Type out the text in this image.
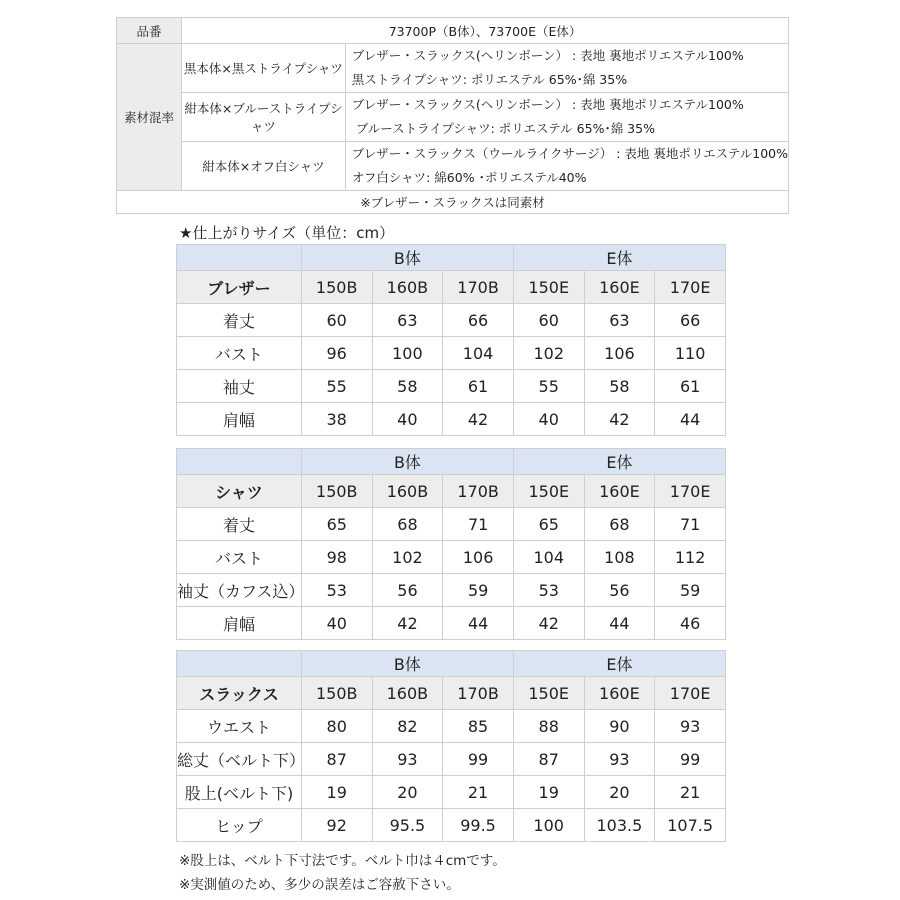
品番	73700P（B体）、73700E（E体）	
素材混率	黒本体×黒ストライプシャツ	ブレザー・スラックス(ヘリンボーン） : 表地 裏地ポリエステル100%
黒ストライプシャツ: ポリエステル 65%･綿 35%

	紺本体×ブルーストライプシャツ	ブレザー・スラックス(ヘリンボーン） : 表地 裏地ポリエステル100%
ブルーストライプシャツ: ポリエステル 65%･綿 35%

	紺本体×オフ白シャツ	ブレザー・スラックス（ウールライクサージ） : 表地 裏地ポリエステル100%
オフ白シャツ: 綿60% ･ポリエステル40%

※ブレザー・スラックスは同素材		
★仕上がりサイズ（単位：cm）
	B体			E体		
ブレザー	150B	160B	170B	150E	160E	170E
着丈	60	63	66	60	63	66
バスト	96	100	104	102	106	110
袖丈	55	58	61	55	58	61
肩幅	38	40	42	40	42	44
	B体			E体		
シャツ	150B	160B	170B	150E	160E	170E
着丈	65	68	71	65	68	71
バスト	98	102	106	104	108	112
袖丈（カフス込）	53	56	59	53	56	59
肩幅	40	42	44	42	44	46
	B体			E体		
スラックス	150B	160B	170B	150E	160E	170E
ウエスト	80	82	85	88	90	93
総丈（ベルト下）	87	93	99	87	93	99
股上(ベルト下)	19	20	21	19	20	21
ヒップ	92	95.5	99.5	100	103.5	107.5
※股上は、ベルト下寸法です。ベルト巾は４cmです。
※実測値のため、多少の誤差はご容赦下さい。
